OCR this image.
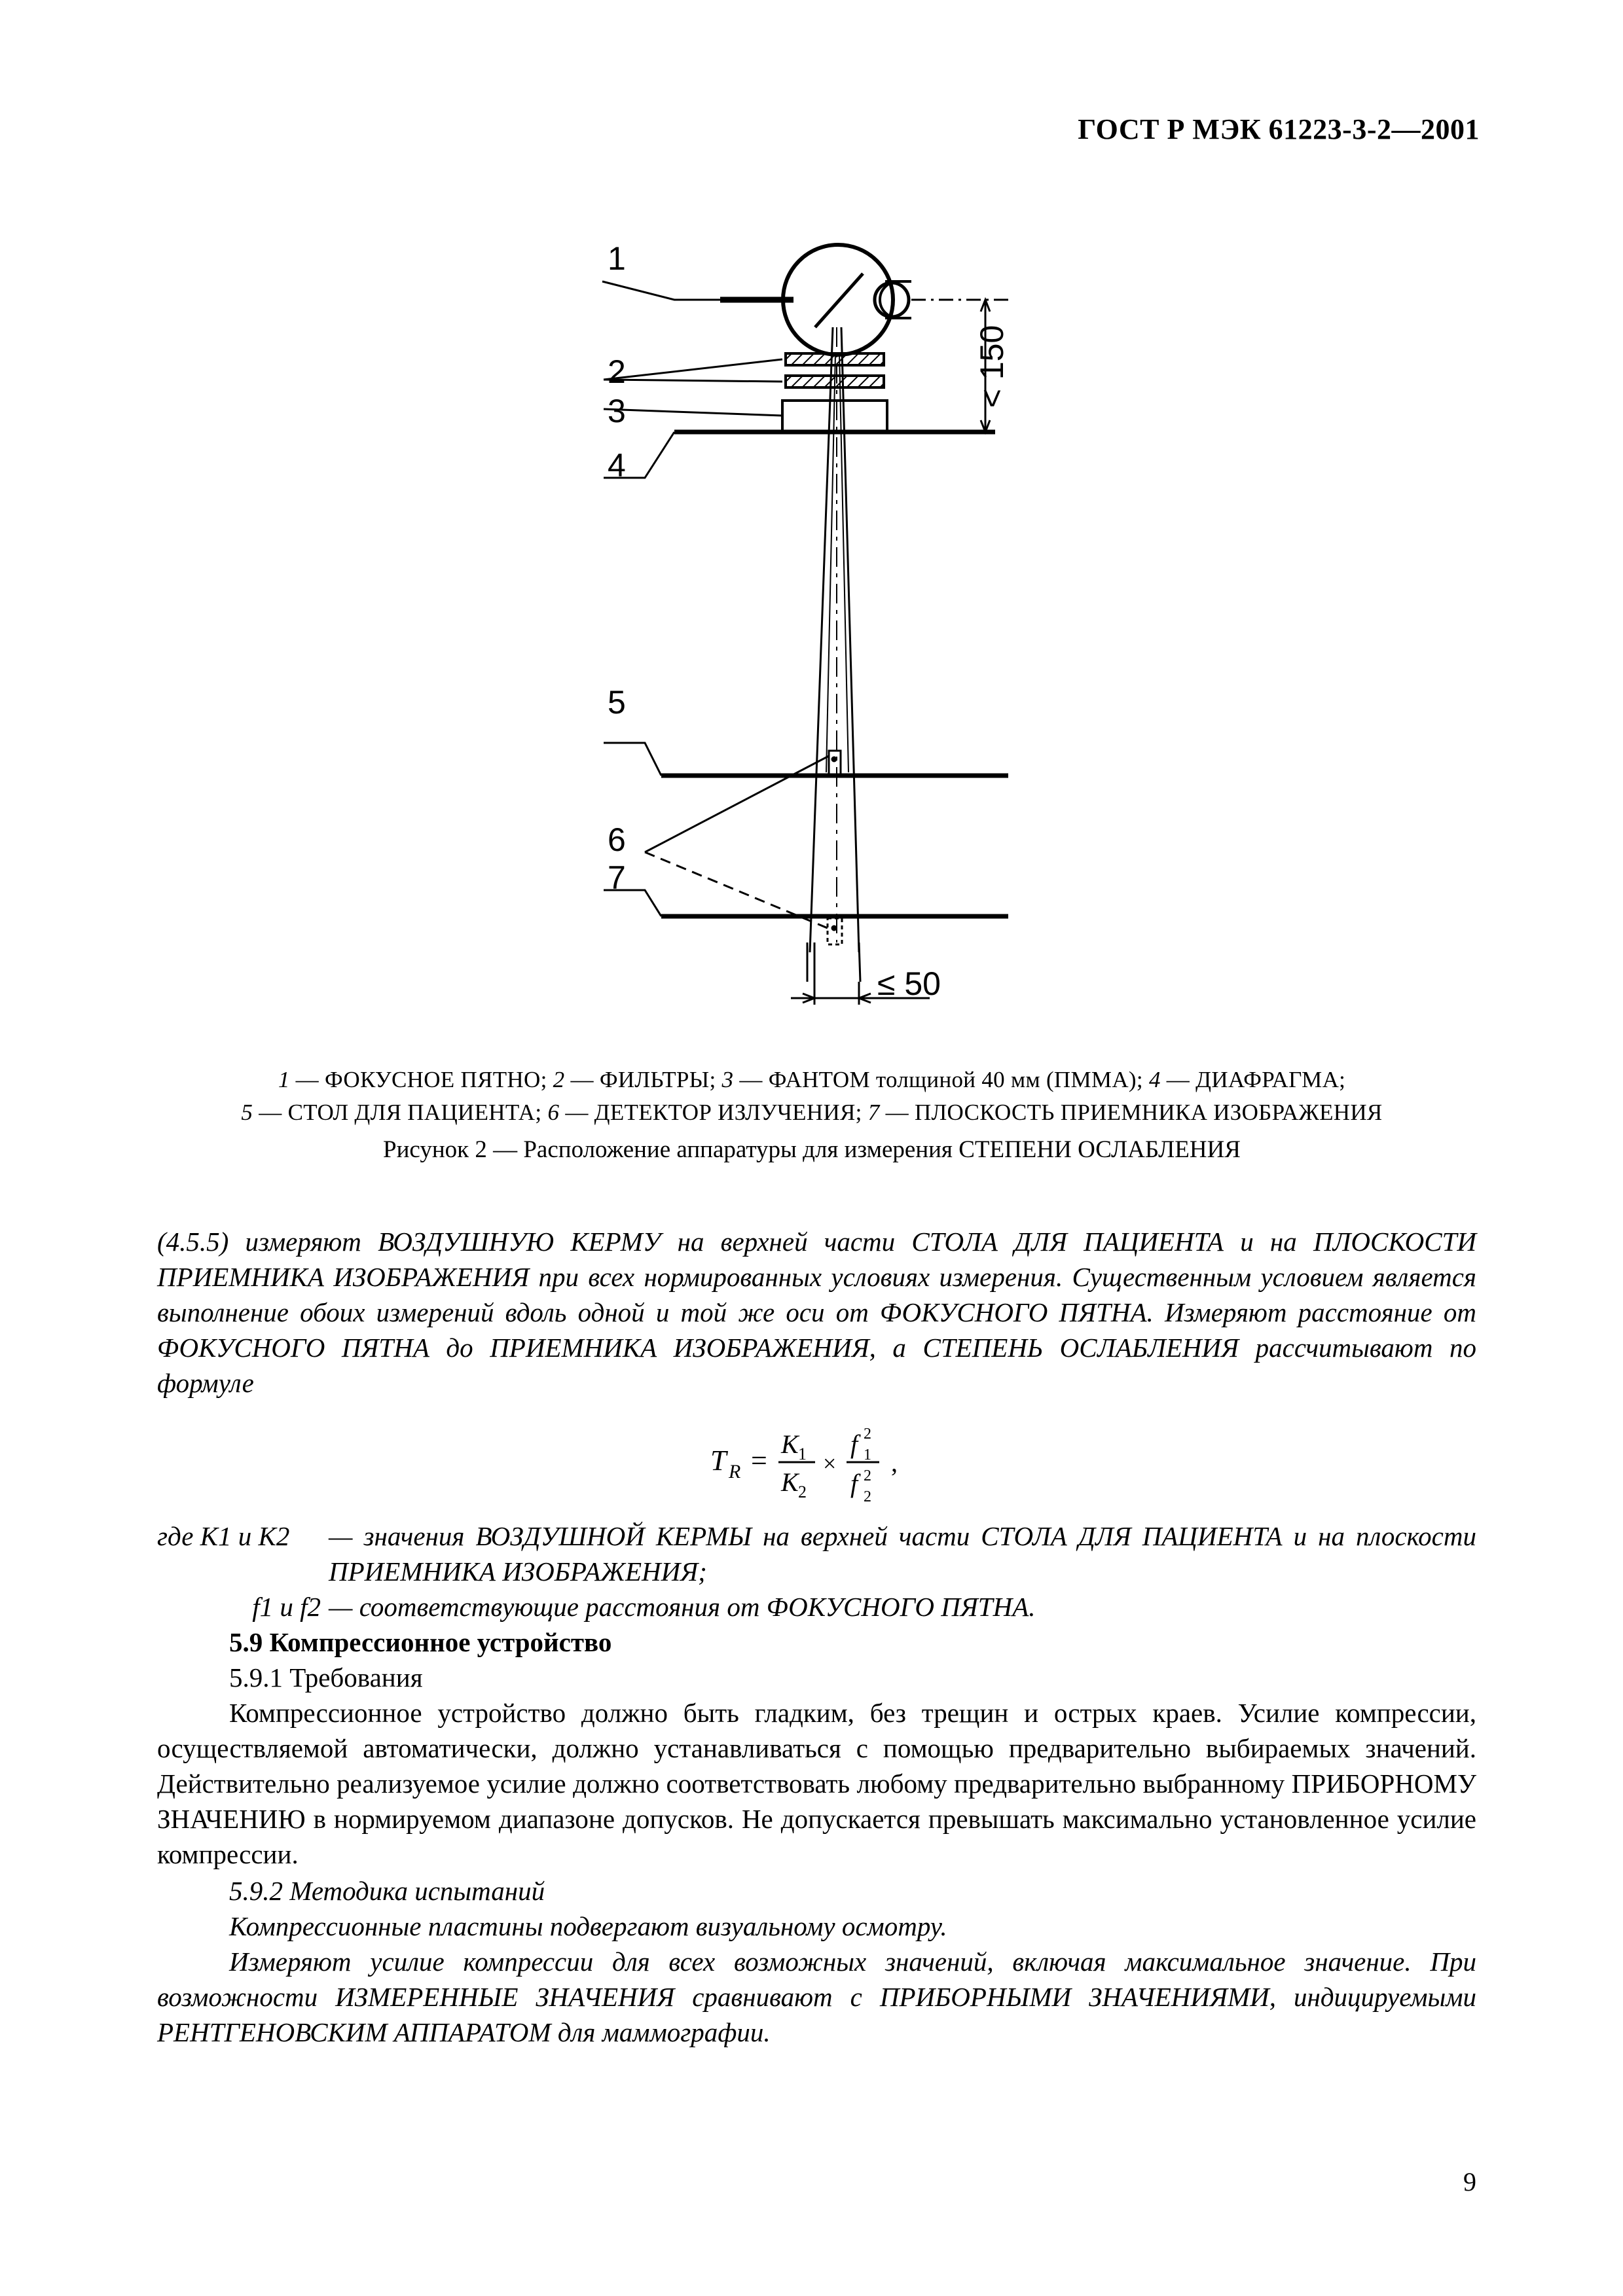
ГОСТ Р МЭК 61223-3-2—2001
1
2
3
4
5
6
7
< 150
≤ 50
1 — ФОКУСНОЕ ПЯТНО; 2 — ФИЛЬТРЫ; 3 — ФАНТОМ толщиной 40 мм (ПММА); 4 — ДИАФРАГМА;
5 — СТОЛ ДЛЯ ПАЦИЕНТА; 6 — ДЕТЕКТОР ИЗЛУЧЕНИЯ; 7 — ПЛОСКОСТЬ ПРИЕМНИКА ИЗОБРАЖЕНИЯ
Рисунок 2 — Расположение аппаратуры для измерения СТЕПЕНИ ОСЛАБЛЕНИЯ
(4.5.5) измеряют ВОЗДУШНУЮ КЕРМУ на верхней части СТОЛА ДЛЯ ПАЦИЕНТА и на ПЛОСКОСТИ ПРИЕМНИКА ИЗОБРАЖЕНИЯ при всех нормированных условиях измерения. Существенным условием является выполнение обоих измерений вдоль одной и той же оси от ФОКУСНОГО ПЯТНА. Измеряют расстояние от ФОКУСНОГО ПЯТНА до ПРИЕМНИКА ИЗОБРАЖЕНИЯ, а СТЕПЕНЬ ОСЛАБЛЕНИЯ рассчитывают по формуле
T R =
K 1
K 2
×
f 2
1
f 2
2
,
где K1 и K2	— значения ВОЗДУШНОЙ КЕРМЫ на верхней части СТОЛА ДЛЯ ПАЦИЕНТА и на плоскости ПРИЕМНИКА ИЗОБРАЖЕНИЯ;
f1 и f2 — соответствующие расстояния от ФОКУСНОГО ПЯТНА.
5.9 Компрессионное устройство
5.9.1 Требования
Компрессионное устройство должно быть гладким, без трещин и острых краев. Усилие компрессии, осуществляемой автоматически, должно устанавливаться с помощью предварительно выбираемых значений. Действительно реализуемое усилие должно соответствовать любому предварительно выбранному ПРИБОРНОМУ ЗНАЧЕНИЮ в нормируемом диапазоне допусков. Не допускается превышать максимально установленное усилие компрессии.
5.9.2 Методика испытаний
Компрессионные пластины подвергают визуальному осмотру.
Измеряют усилие компрессии для всех возможных значений, включая максимальное значение. При возможности ИЗМЕРЕННЫЕ ЗНАЧЕНИЯ сравнивают с ПРИБОРНЫМИ ЗНАЧЕНИЯМИ, индицируемыми РЕНТГЕНОВСКИМ АППАРАТОМ для маммографии.
9
